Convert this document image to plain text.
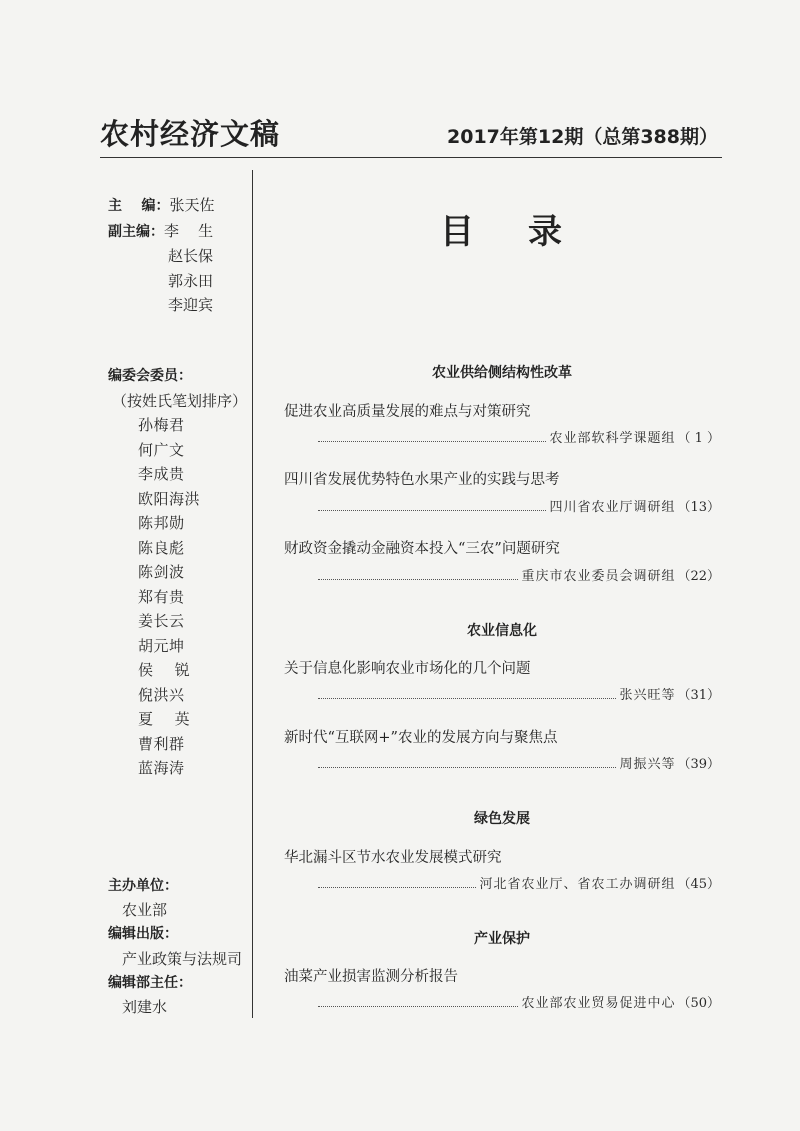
农村经济文稿	2017年第12期（总第388期）
主    编：张天佐
副主编：李    生
赵长保
郭永田
李迎宾
编委会委员：
（按姓氏笔划排序）
孙梅君
何广文
李成贵
欧阳海洪
陈邦勋
陈良彪
陈剑波
郑有贵
姜长云
胡元坤
侯    锐
倪洪兴
夏    英
曹利群
蓝海涛
主办单位：
农业部
编辑出版：
产业政策与法规司
编辑部主任：
刘建水
目录
农业供给侧结构性改革
促进农业高质量发展的难点与对策研究
农业部软科学课题组 （ 1 ）
四川省发展优势特色水果产业的实践与思考
四川省农业厅调研组 （13）
财政资金撬动金融资本投入“三农”问题研究
重庆市农业委员会调研组 （22）
农业信息化
关于信息化影响农业市场化的几个问题
张兴旺等 （31）
新时代“互联网+”农业的发展方向与聚焦点
周振兴等 （39）
绿色发展
华北漏斗区节水农业发展模式研究
河北省农业厅、省农工办调研组 （45）
产业保护
油菜产业损害监测分析报告
农业部农业贸易促进中心 （50）
